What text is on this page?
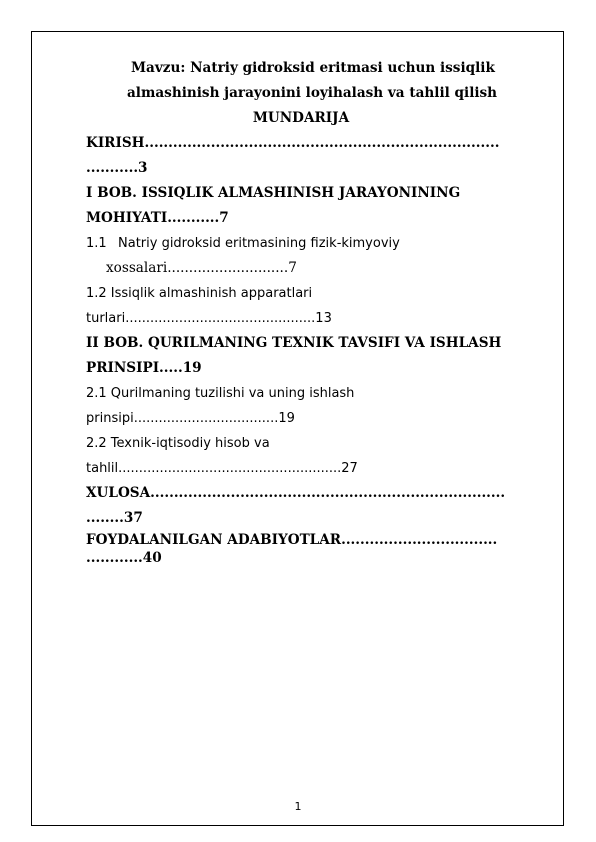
Mavzu: Natriy gidroksid eritmasi uchun issiqlik
almashinish jarayonini loyihalash va tahlil qilish
MUNDARIJA
KIRISH...........................................................................
...........3
I BOB. ISSIQLIK ALMASHINISH JARAYONINING
MOHIYATI...........7
1.1 Natriy gidroksid eritmasining fizik-kimyoviy
xossalari............................7
1.2 Issiqlik almashinish apparatlari
turlari..............................................13
II BOB. QURILMANING TEXNIK TAVSIFI VA ISHLASH
PRINSIPI.....19
2.1 Qurilmaning tuzilishi va uning ishlash
prinsipi...................................19
2.2 Texnik-iqtisodiy hisob va
tahlil......................................................27
XULOSA...........................................................................
........37
FOYDALANILGAN ADABIYOTLAR.................................
............40
1
